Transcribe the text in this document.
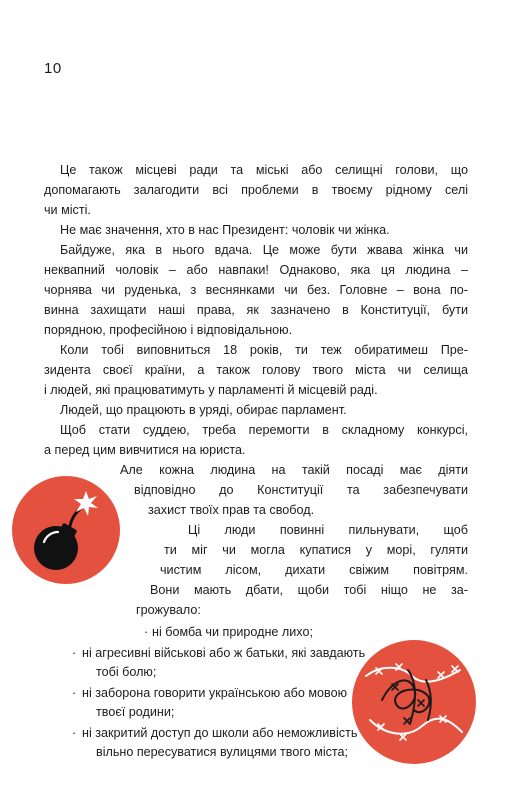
10
Це також місцеві ради та міські або селищні голови, що
допомагають залагодити всі проблеми в твоєму рідному селі
чи місті.
Не має значення, хто в нас Президент: чоловік чи жінка.
Байдуже, яка в нього вдача. Це може бути жвава жінка чи
неквапний чоловік – або навпаки! Однаково, яка ця людина –
чорнява чи руденька, з веснянками чи без. Головне – вона по-
винна захищати наші права, як зазначено в Конституції, бути
порядною, професійною і відповідальною.
Коли тобі виповниться 18 років, ти теж обиратимеш Пре-
зидента своєї країни, а також голову твого міста чи селища
і людей, які працюватимуть у парламенті й місцевій раді.
Людей, що працюють в уряді, обирає парламент.
Щоб стати суддею, треба перемогти в складному конкурсі,
а перед цим вивчитися на юриста.
Але кожна людина на такій посаді має діяти
відповідно до Конституції та забезпечувати
захист твоїх прав та свобод.
Ці люди повинні пильнувати, щоб
ти міг чи могла купатися у морі, гуляти
чистим лісом, дихати свіжим повітрям.
Вони мають дбати, щоби тобі ніщо не за-
грожувало:
· ні бомба чи природне лихо;
· ні агресивні військові або ж батьки, які завдають
тобі болю;
· ні заборона говорити українською або мовою
твоєї родини;
· ні закритий доступ до школи або неможливість
вільно пересуватися вулицями твого міста;
